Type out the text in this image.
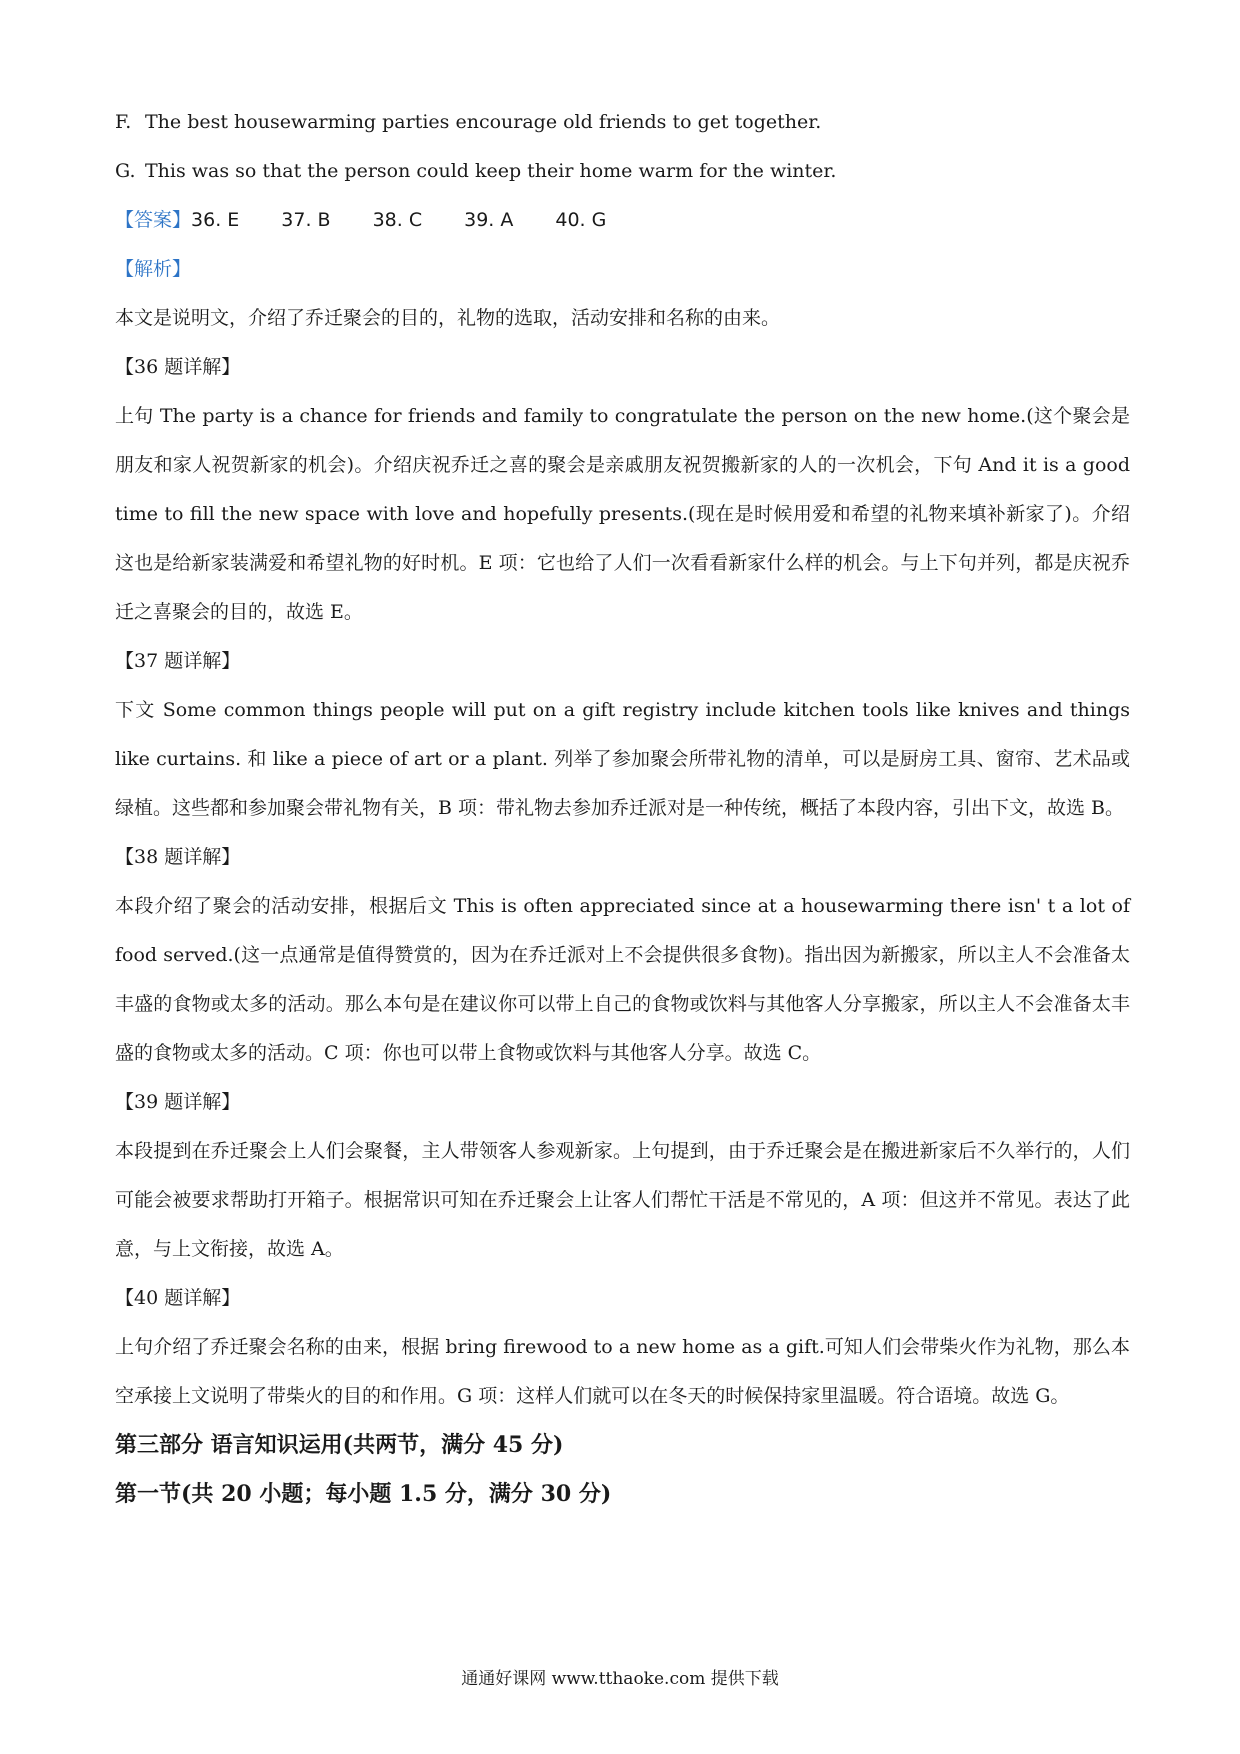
F. The best housewarming parties encourage old friends to get together.
G. This was so that the person could keep their home warm for the winter.
【答案】36. E 37. B 38. C 39. A 40. G
【解析】
本文是说明文，介绍了乔迁聚会的目的，礼物的选取，活动安排和名称的由来。
【36 题详解】
上句 The party is a chance for friends and family to congratulate the person on the new home.(这个聚会是朋友和家人祝贺新家的机会)。介绍庆祝乔迁之喜的聚会是亲戚朋友祝贺搬新家的人的一次机会，下句 And it is a good time to fill the new space with love and hopefully presents.(现在是时候用爱和希望的礼物来填补新家了)。介绍这也是给新家装满爱和希望礼物的好时机。E 项：它也给了人们一次看看新家什么样的机会。与上下句并列，都是庆祝乔迁之喜聚会的目的，故选 E。
【37 题详解】
下文 Some common things people will put on a gift registry include kitchen tools like knives and things like curtains. 和 like a piece of art or a plant. 列举了参加聚会所带礼物的清单，可以是厨房工具、窗帘、艺术品或绿植。这些都和参加聚会带礼物有关，B 项：带礼物去参加乔迁派对是一种传统，概括了本段内容，引出下文，故选 B。
【38 题详解】
本段介绍了聚会的活动安排，根据后文 This is often appreciated since at a housewarming there isn' t a lot of food served.(这一点通常是值得赞赏的，因为在乔迁派对上不会提供很多食物)。指出因为新搬家，所以主人不会准备太丰盛的食物或太多的活动。那么本句是在建议你可以带上自己的食物或饮料与其他客人分享搬家，所以主人不会准备太丰盛的食物或太多的活动。C 项：你也可以带上食物或饮料与其他客人分享。故选 C。
【39 题详解】
本段提到在乔迁聚会上人们会聚餐，主人带领客人参观新家。上句提到，由于乔迁聚会是在搬进新家后不久举行的，人们可能会被要求帮助打开箱子。根据常识可知在乔迁聚会上让客人们帮忙干活是不常见的，A 项：但这并不常见。表达了此意，与上文衔接，故选 A。
【40 题详解】
上句介绍了乔迁聚会名称的由来，根据 bring firewood to a new home as a gift.可知人们会带柴火作为礼物，那么本空承接上文说明了带柴火的目的和作用。G 项：这样人们就可以在冬天的时候保持家里温暖。符合语境。故选 G。
第三部分 语言知识运用(共两节，满分 45 分)
第一节(共 20 小题；每小题 1.5 分，满分 30 分)
通通好课网 www.tthaoke.com 提供下载
